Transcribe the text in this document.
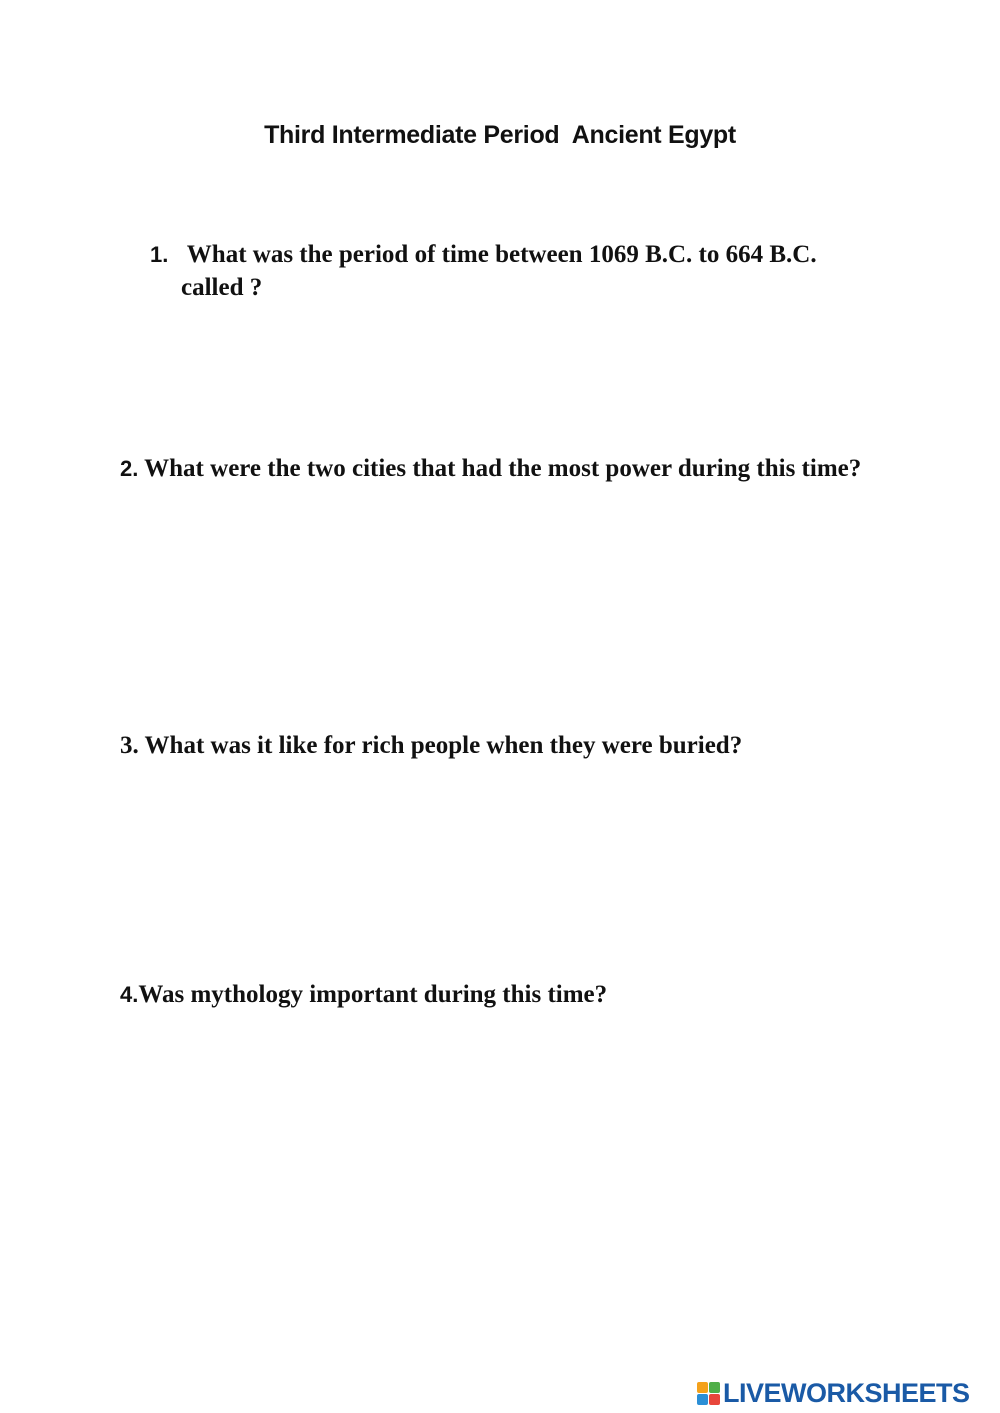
Third Intermediate Period  Ancient Egypt
1. What was the period of time between 1069 B.C. to 664 B.C.
called ?
2. What were the two cities that had the most power during this time?
3. What was it like for rich people when they were buried?
4.Was mythology important during this time?
LIVEWORKSHEETS
